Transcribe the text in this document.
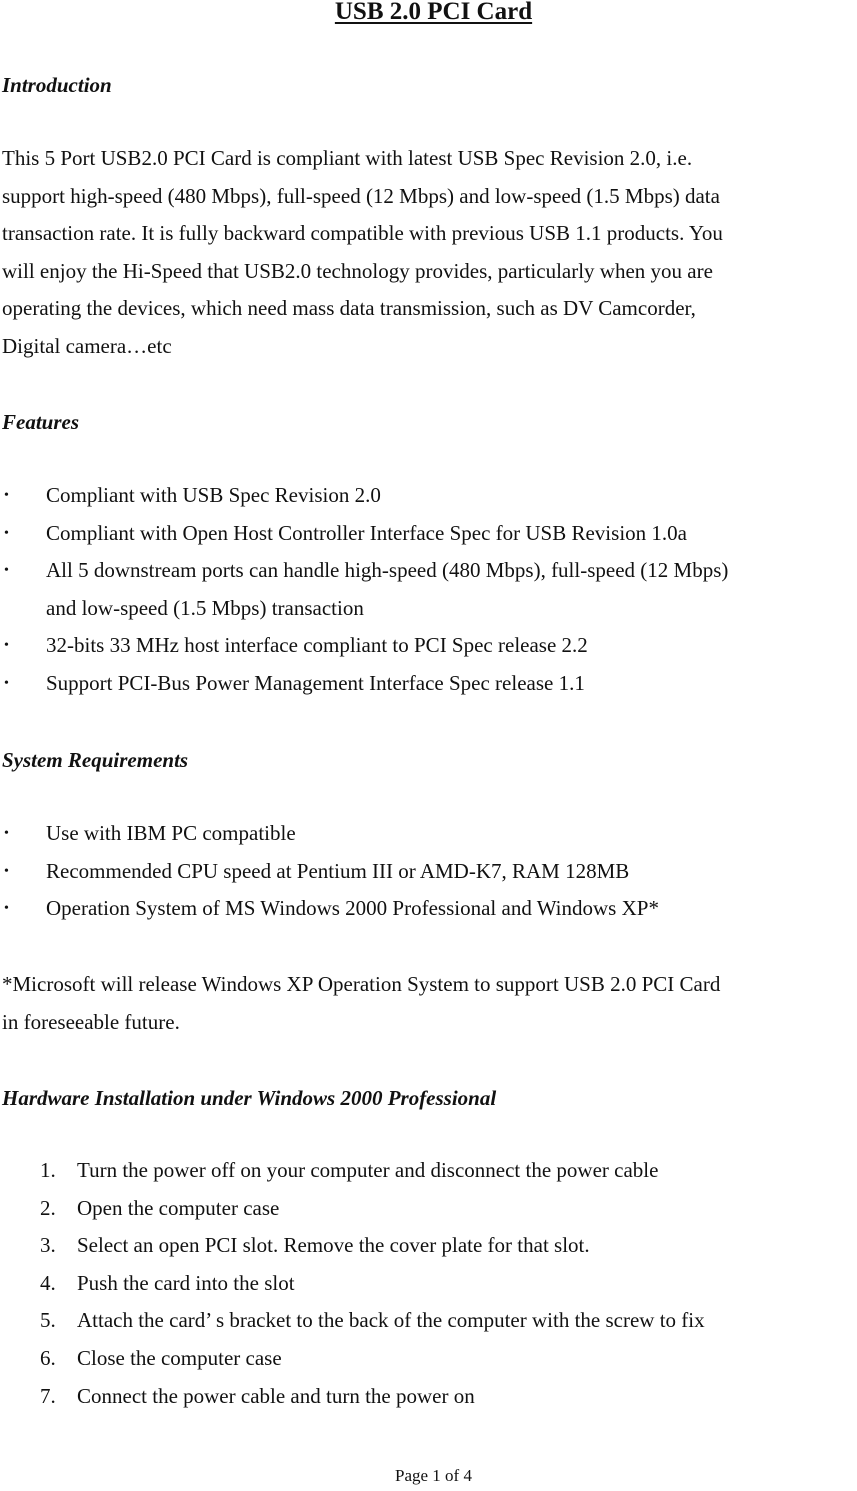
USB 2.0 PCI Card
Introduction
This 5 Port USB2.0 PCI Card is compliant with latest USB Spec Revision 2.0, i.e.
support high-speed (480 Mbps), full-speed (12 Mbps) and low-speed (1.5 Mbps) data
transaction rate. It is fully backward compatible with previous USB 1.1 products. You
will enjoy the Hi-Speed that USB2.0 technology provides, particularly when you are
operating the devices, which need mass data transmission, such as DV Camcorder,
Digital camera…etc
Features
• Compliant with USB Spec Revision 2.0
• Compliant with Open Host Controller Interface Spec for USB Revision 1.0a
• All 5 downstream ports can handle high-speed (480 Mbps), full-speed (12 Mbps)
and low-speed (1.5 Mbps) transaction
• 32-bits 33 MHz host interface compliant to PCI Spec release 2.2
• Support PCI-Bus Power Management Interface Spec release 1.1
System Requirements
• Use with IBM PC compatible
• Recommended CPU speed at Pentium III or AMD-K7, RAM 128MB
• Operation System of MS Windows 2000 Professional and Windows XP*
*Microsoft will release Windows XP Operation System to support USB 2.0 PCI Card
in foreseeable future.
Hardware Installation under Windows 2000 Professional
1. Turn the power off on your computer and disconnect the power cable
2. Open the computer case
3. Select an open PCI slot. Remove the cover plate for that slot.
4. Push the card into the slot
5. Attach the card’ s bracket to the back of the computer with the screw to fix
6. Close the computer case
7. Connect the power cable and turn the power on
Page 1 of 4
